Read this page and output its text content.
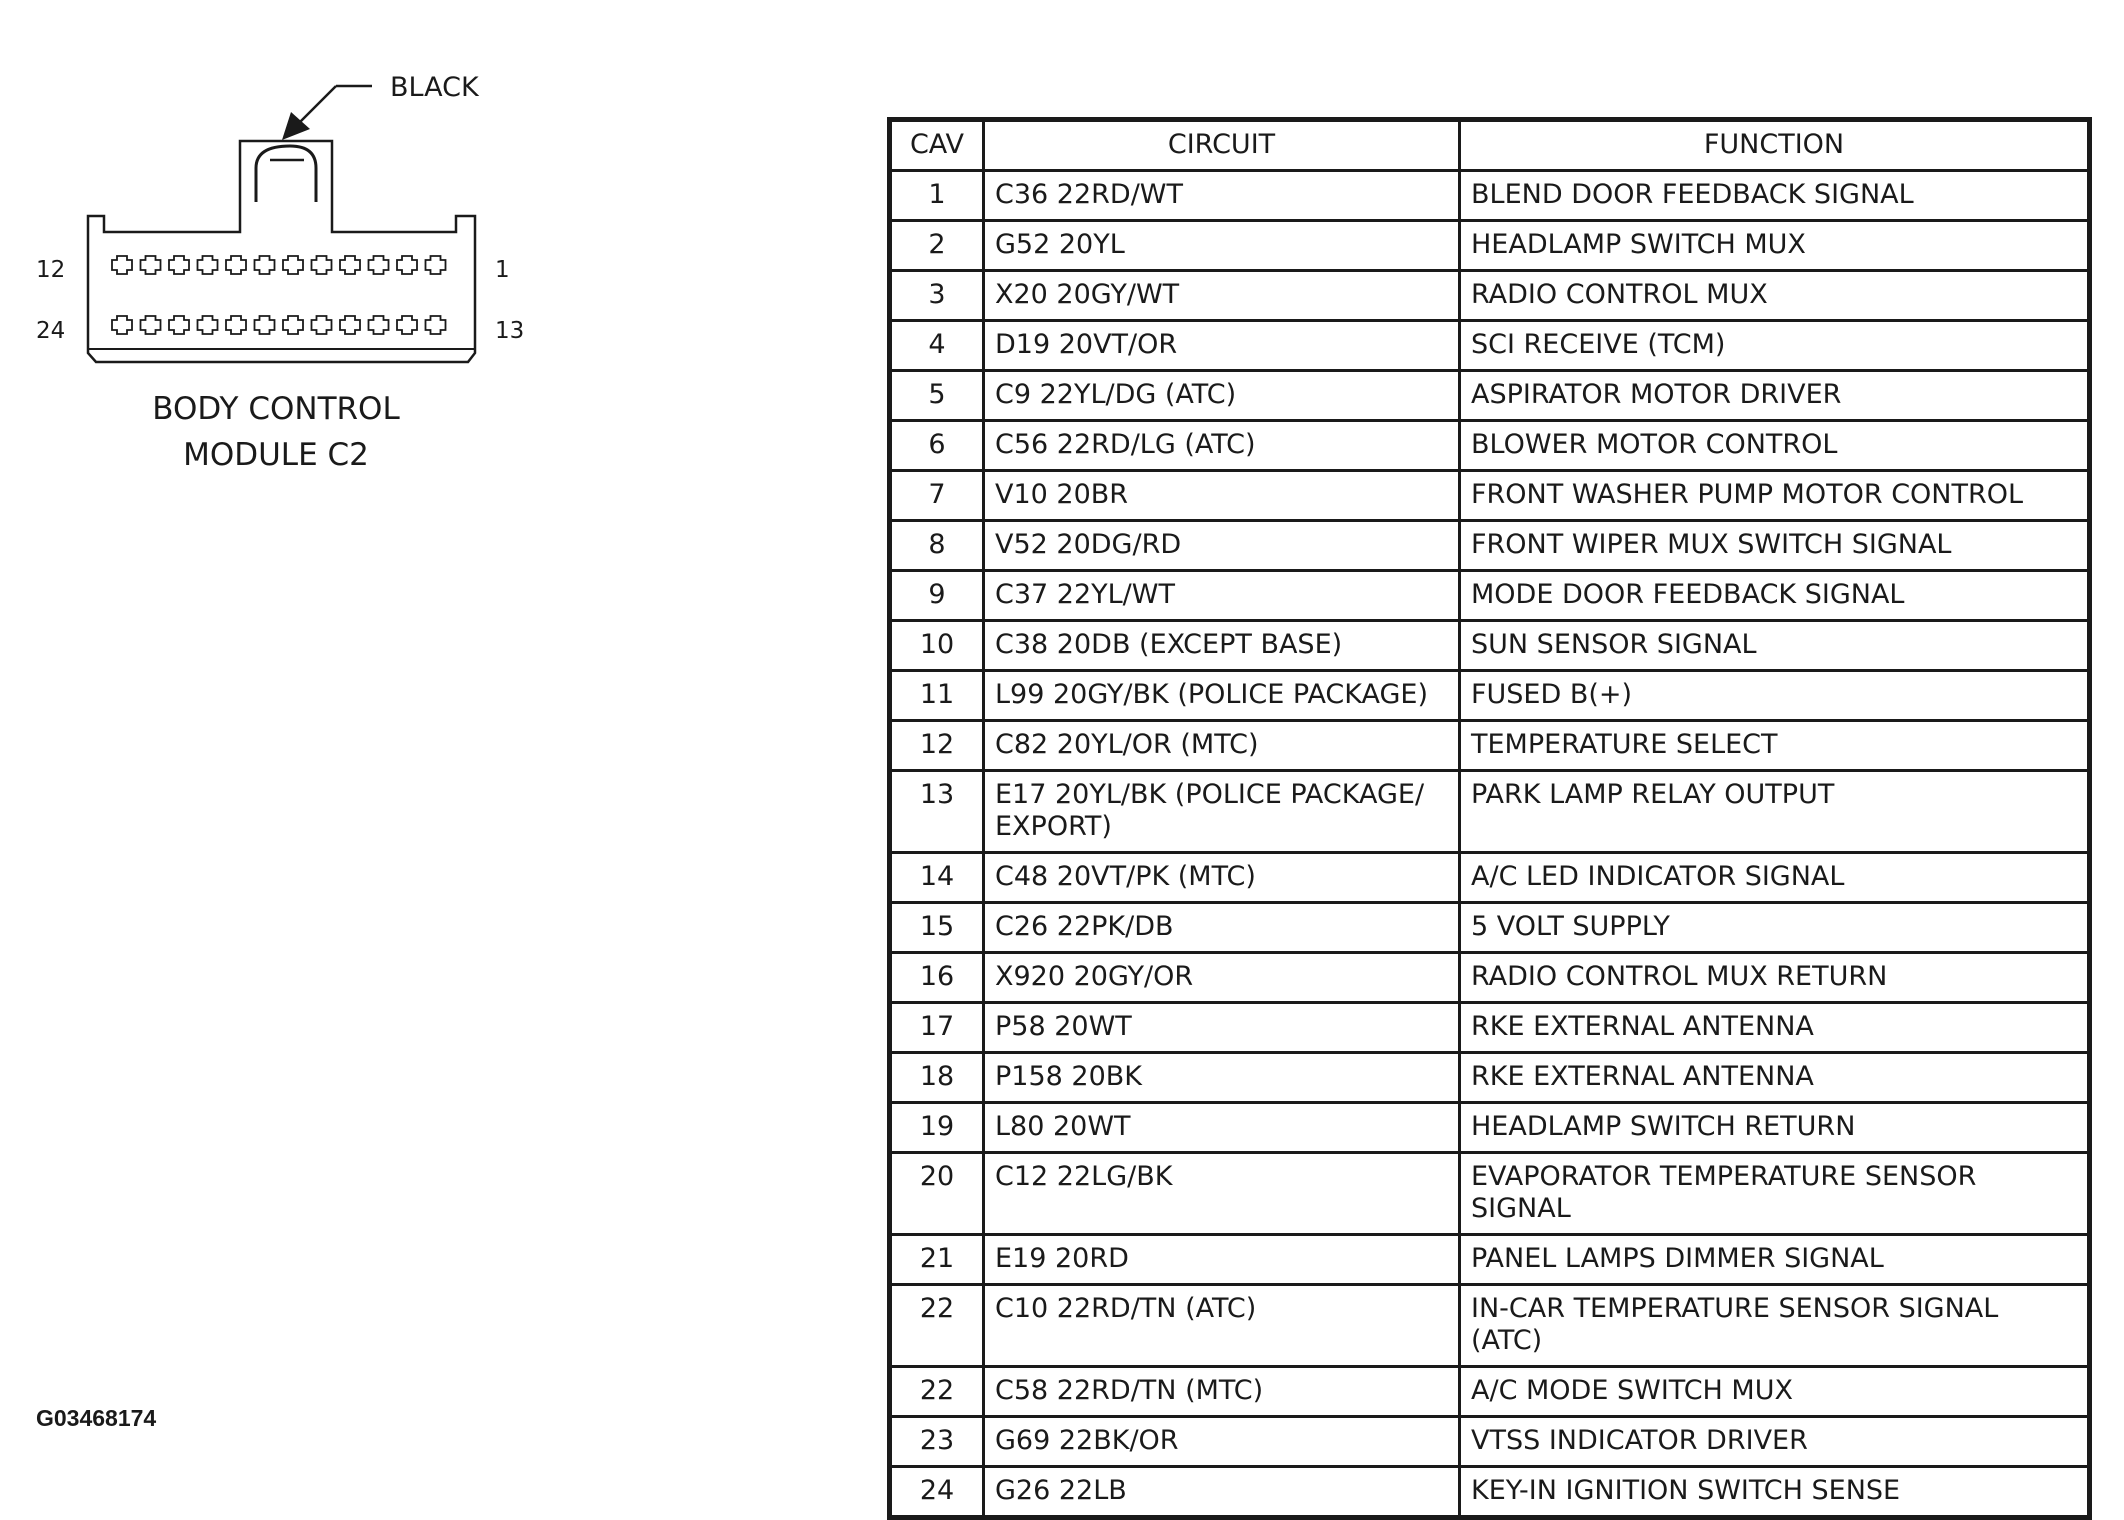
BLACK
12	1
24	13
BODY CONTROL
MODULE C2
CAV	CIRCUIT	FUNCTION
1	C36 22RD/WT	BLEND DOOR FEEDBACK SIGNAL
2	G52 20YL	HEADLAMP SWITCH MUX
3	X20 20GY/WT	RADIO CONTROL MUX
4	D19 20VT/OR	SCI RECEIVE (TCM)
5	C9 22YL/DG (ATC)	ASPIRATOR MOTOR DRIVER
6	C56 22RD/LG (ATC)	BLOWER MOTOR CONTROL
7	V10 20BR	FRONT WASHER PUMP MOTOR CONTROL
8	V52 20DG/RD	FRONT WIPER MUX SWITCH SIGNAL
9	C37 22YL/WT	MODE DOOR FEEDBACK SIGNAL
10	C38 20DB (EXCEPT BASE)	SUN SENSOR SIGNAL
11	L99 20GY/BK (POLICE PACKAGE)	FUSED B(+)
12	C82 20YL/OR (MTC)	TEMPERATURE SELECT
13	E17 20YL/BK (POLICE PACKAGE/ EXPORT)	PARK LAMP RELAY OUTPUT
14	C48 20VT/PK (MTC)	A/C LED INDICATOR SIGNAL
15	C26 22PK/DB	5 VOLT SUPPLY
16	X920 20GY/OR	RADIO CONTROL MUX RETURN
17	P58 20WT	RKE EXTERNAL ANTENNA
18	P158 20BK	RKE EXTERNAL ANTENNA
19	L80 20WT	HEADLAMP SWITCH RETURN
20	C12 22LG/BK	EVAPORATOR TEMPERATURE SENSOR SIGNAL
21	E19 20RD	PANEL LAMPS DIMMER SIGNAL
22	C10 22RD/TN (ATC)	IN-CAR TEMPERATURE SENSOR SIGNAL (ATC)
22	C58 22RD/TN (MTC)	A/C MODE SWITCH MUX
23	G69 22BK/OR	VTSS INDICATOR DRIVER
24	G26 22LB	KEY-IN IGNITION SWITCH SENSE
G03468174
